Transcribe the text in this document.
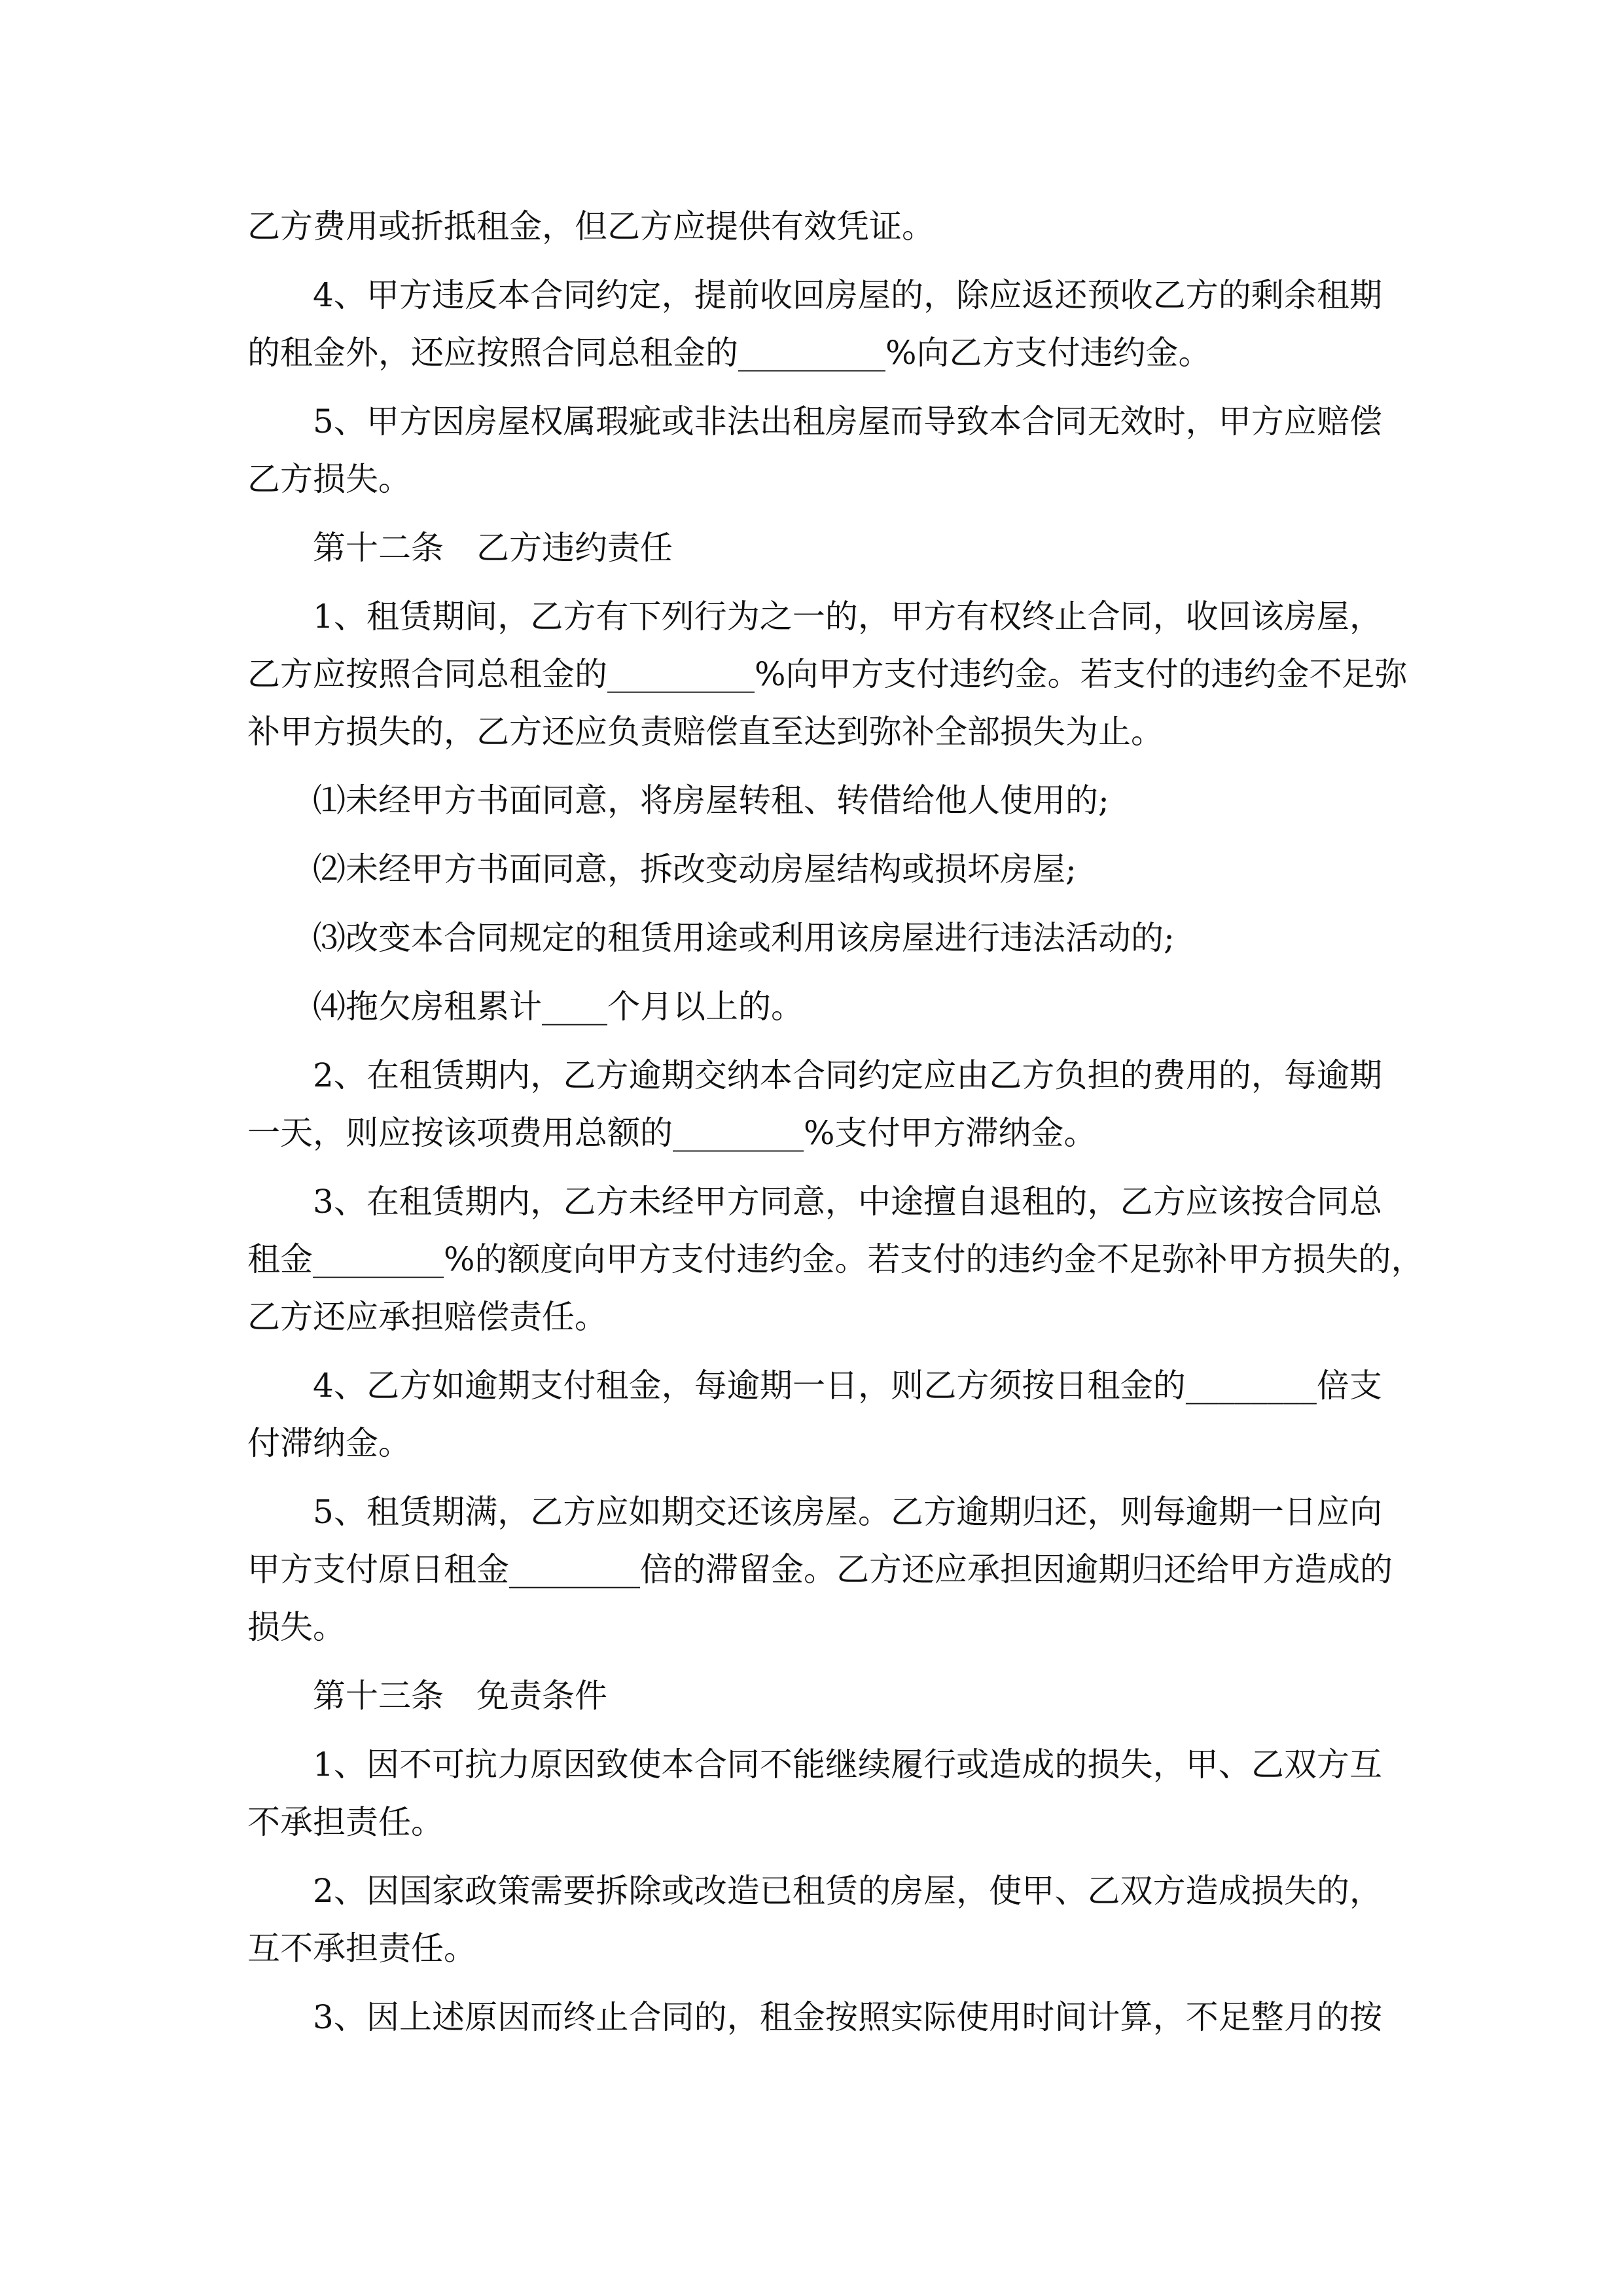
乙方费用或折抵租金，但乙方应提供有效凭证。

4、甲方违反本合同约定，提前收回房屋的，除应返还预收乙方的剩余租期

的租金外，还应按照合同总租金的_________%向乙方支付违约金。

5、甲方因房屋权属瑕疵或非法出租房屋而导致本合同无效时，甲方应赔偿

乙方损失。

第十二条　乙方违约责任

1、租赁期间，乙方有下列行为之一的，甲方有权终止合同，收回该房屋，

乙方应按照合同总租金的_________%向甲方支付违约金。若支付的违约金不足弥

补甲方损失的，乙方还应负责赔偿直至达到弥补全部损失为止。

⑴未经甲方书面同意，将房屋转租、转借给他人使用的;

⑵未经甲方书面同意，拆改变动房屋结构或损坏房屋;

⑶改变本合同规定的租赁用途或利用该房屋进行违法活动的;

⑷拖欠房租累计____个月以上的。

2、在租赁期内，乙方逾期交纳本合同约定应由乙方负担的费用的，每逾期

一天，则应按该项费用总额的________%支付甲方滞纳金。

3、在租赁期内，乙方未经甲方同意，中途擅自退租的，乙方应该按合同总

租金________%的额度向甲方支付违约金。若支付的违约金不足弥补甲方损失的，

乙方还应承担赔偿责任。

4、乙方如逾期支付租金，每逾期一日，则乙方须按日租金的________倍支

付滞纳金。

5、租赁期满，乙方应如期交还该房屋。乙方逾期归还，则每逾期一日应向

甲方支付原日租金________倍的滞留金。乙方还应承担因逾期归还给甲方造成的

损失。

第十三条　免责条件

1、因不可抗力原因致使本合同不能继续履行或造成的损失，甲、乙双方互

不承担责任。

2、因国家政策需要拆除或改造已租赁的房屋，使甲、乙双方造成损失的，

互不承担责任。

3、因上述原因而终止合同的，租金按照实际使用时间计算，不足整月的按
